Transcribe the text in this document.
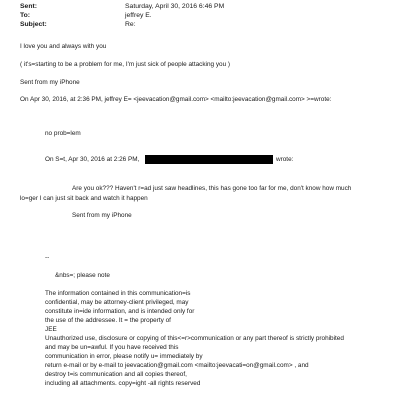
Sent:	Saturday, April 30, 2016 6:46 PM
To:	jeffrey E.
Subject:	Re:
I love you and always with you
( it's=starting to be a problem for me, I'm just sick of people attacking you )
Sent from my iPhone
On Apr 30, 2016, at 2:36 PM, jeffrey E= <jeevacation@gmail.com> <mailto:jeevacation@gmail.com> >=wrote:
no prob=lem
On S=t, Apr 30, 2016 at 2:26 PM,	wrote:
Are you ok??? Haven't r=ad just saw headlines, this has gone too far for me, don't know how much
lo=ger I can just sit back and watch it happen
Sent from my iPhone
--
&nbs=; please note
The information contained in this communication=is
confidential, may be attorney-client privileged, may
constitute in=ide information, and is intended only for
the use of the addressee. It = the property of
JEE
Unauthorized use, disclosure or copying of this<=r>communication or any part thereof is strictly prohibited
and may be un=awful. If you have received this
communication in error, please notify u= immediately by
return e-mail or by e-mail to jeevacation@gmail.com <mailto:jeevacati=on@gmail.com> , and
destroy t=is communication and all copies thereof,
including all attachments. copy=ight -all rights reserved
